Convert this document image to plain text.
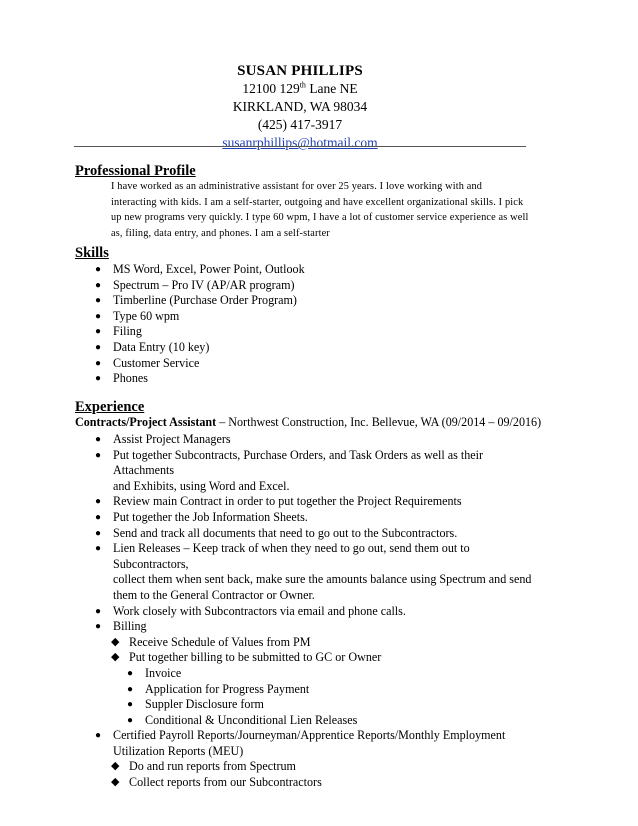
SUSAN PHILLIPS
12100 129th Lane NE
KIRKLAND, WA 98034
(425) 417-3917
susanrphillips@hotmail.com
Professional Profile
I have worked as an administrative assistant for over 25 years. I love working with and
interacting with kids. I am a self-starter, outgoing and have excellent organizational skills. I pick
up new programs very quickly. I type 60 wpm, I have a lot of customer service experience as well
as, filing, data entry, and phones. I am a self-starter
Skills
● MS Word, Excel, Power Point, Outlook
● Spectrum – Pro IV (AP/AR program)
● Timberline (Purchase Order Program)
● Type 60 wpm
● Filing
● Data Entry (10 key)
● Customer Service
● Phones
Experience
Contracts/Project Assistant – Northwest Construction, Inc. Bellevue, WA (09/2014 – 09/2016)
● Assist Project Managers
● Put together Subcontracts, Purchase Orders, and Task Orders as well as their Attachments
and Exhibits, using Word and Excel.
● Review main Contract in order to put together the Project Requirements
● Put together the Job Information Sheets.
● Send and track all documents that need to go out to the Subcontractors.
● Lien Releases – Keep track of when they need to go out, send them out to Subcontractors,
collect them when sent back, make sure the amounts balance using Spectrum and send
them to the General Contractor or Owner.
● Work closely with Subcontractors via email and phone calls.
● Billing
◆ Receive Schedule of Values from PM
◆ Put together billing to be submitted to GC or Owner
● Invoice
● Application for Progress Payment
● Suppler Disclosure form
● Conditional & Unconditional Lien Releases
● Certified Payroll Reports/Journeyman/Apprentice Reports/Monthly Employment
Utilization Reports (MEU)
◆ Do and run reports from Spectrum
◆ Collect reports from our Subcontractors
